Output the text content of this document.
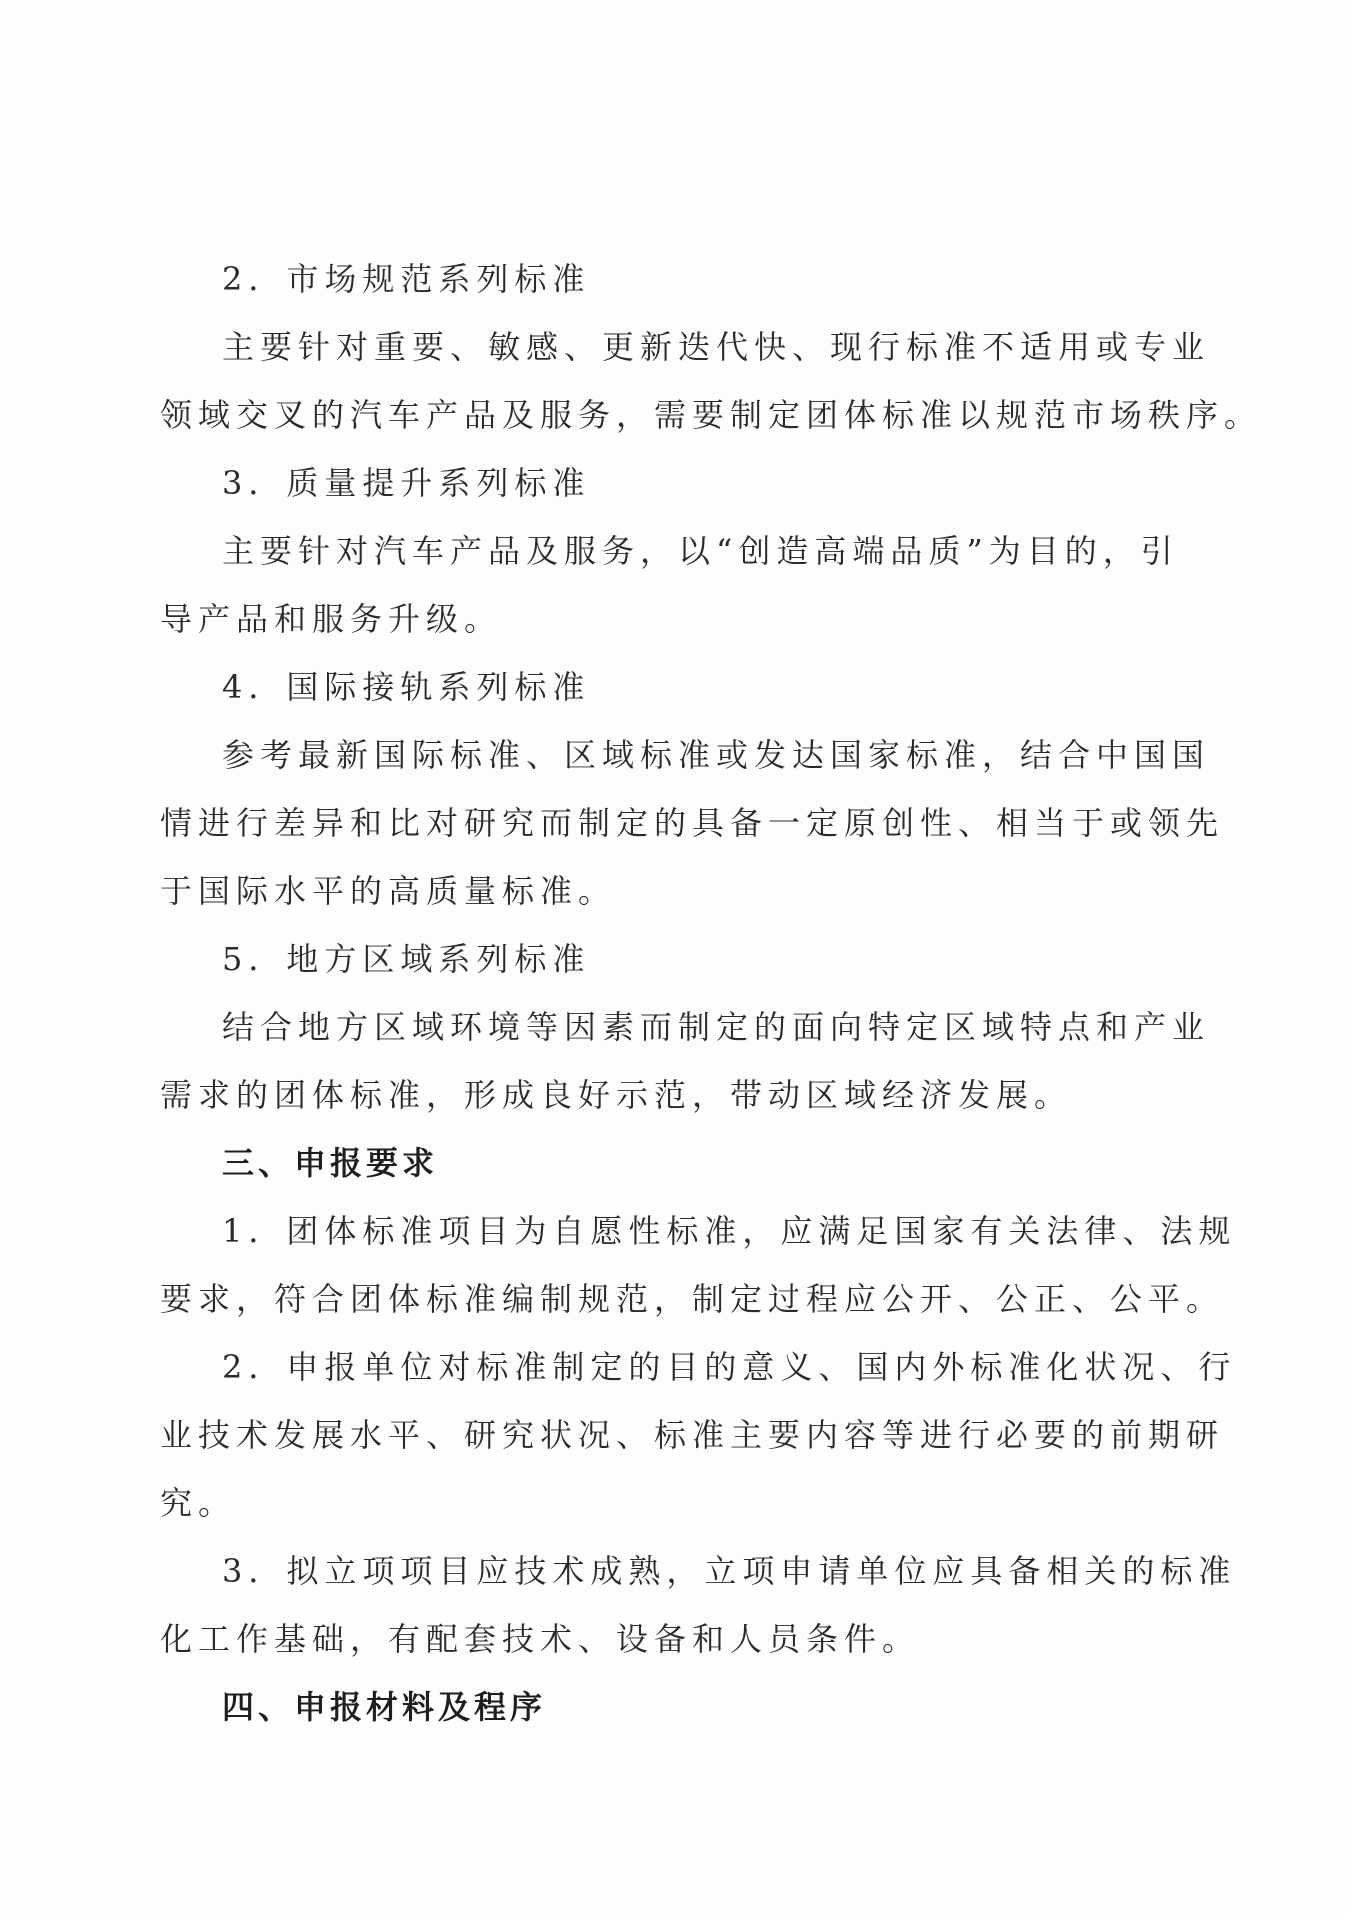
2．市场规范系列标准
主要针对重要、敏感、更新迭代快、现行标准不适用或专业
领域交叉的汽车产品及服务，需要制定团体标准以规范市场秩序。
3．质量提升系列标准
主要针对汽车产品及服务，以“创造高端品质”为目的，引
导产品和服务升级。
4．国际接轨系列标准
参考最新国际标准、区域标准或发达国家标准，结合中国国
情进行差异和比对研究而制定的具备一定原创性、相当于或领先
于国际水平的高质量标准。
5．地方区域系列标准
结合地方区域环境等因素而制定的面向特定区域特点和产业
需求的团体标准，形成良好示范，带动区域经济发展。
三、申报要求
1．团体标准项目为自愿性标准，应满足国家有关法律、法规
要求，符合团体标准编制规范，制定过程应公开、公正、公平。
2．申报单位对标准制定的目的意义、国内外标准化状况、行
业技术发展水平、研究状况、标准主要内容等进行必要的前期研
究。
3．拟立项项目应技术成熟，立项申请单位应具备相关的标准
化工作基础，有配套技术、设备和人员条件。
四、申报材料及程序
